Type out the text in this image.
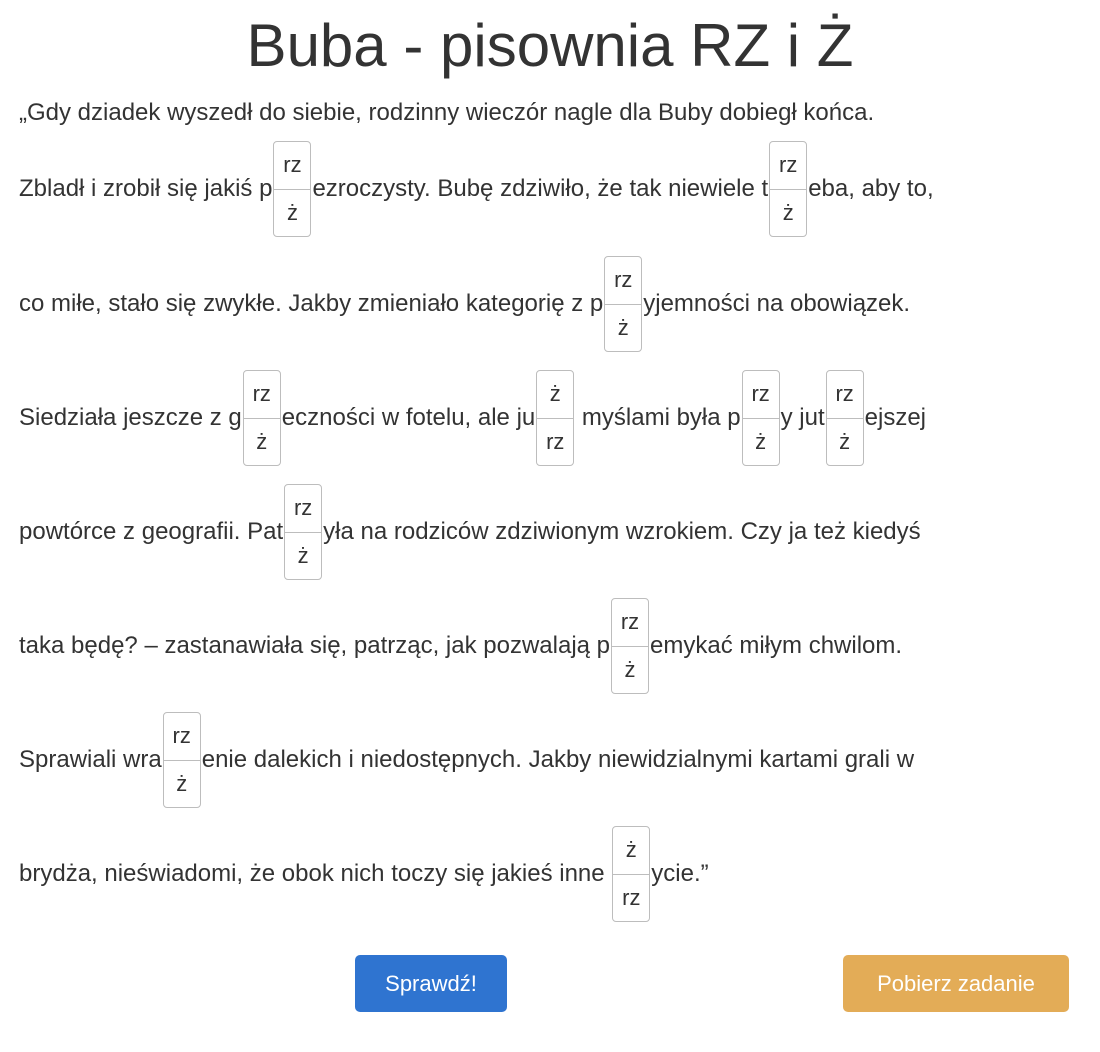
Buba - pisownia RZ i Ż
„Gdy dziadek wyszedł do siebie, rodzinny wieczór nagle dla Buby dobiegł końca.
Zbladł i zrobił się jakiś p
rz
ż
ezroczysty. Bubę zdziwiło, że tak niewiele t
rz
ż
eba, aby to,
co miłe, stało się zwykłe. Jakby zmieniało kategorię z p
rz
ż
yjemności na obowiązek.
Siedziała jeszcze z g
rz
ż
eczności w fotelu, ale ju
ż
rz
myślami była p
rz
ż
y jut
rz
ż
ejszej
powtórce z geografii. Pat
rz
ż
yła na rodziców zdziwionym wzrokiem. Czy ja też kiedyś
taka będę? – zastanawiała się, patrząc, jak pozwalają p
rz
ż
emykać miłym chwilom.
Sprawiali wra
rz
ż
enie dalekich i niedostępnych. Jakby niewidzialnymi kartami grali w
brydża, nieświadomi, że obok nich toczy się jakieś inne
ż
rz
ycie.”
Sprawdź!	Pobierz zadanie
